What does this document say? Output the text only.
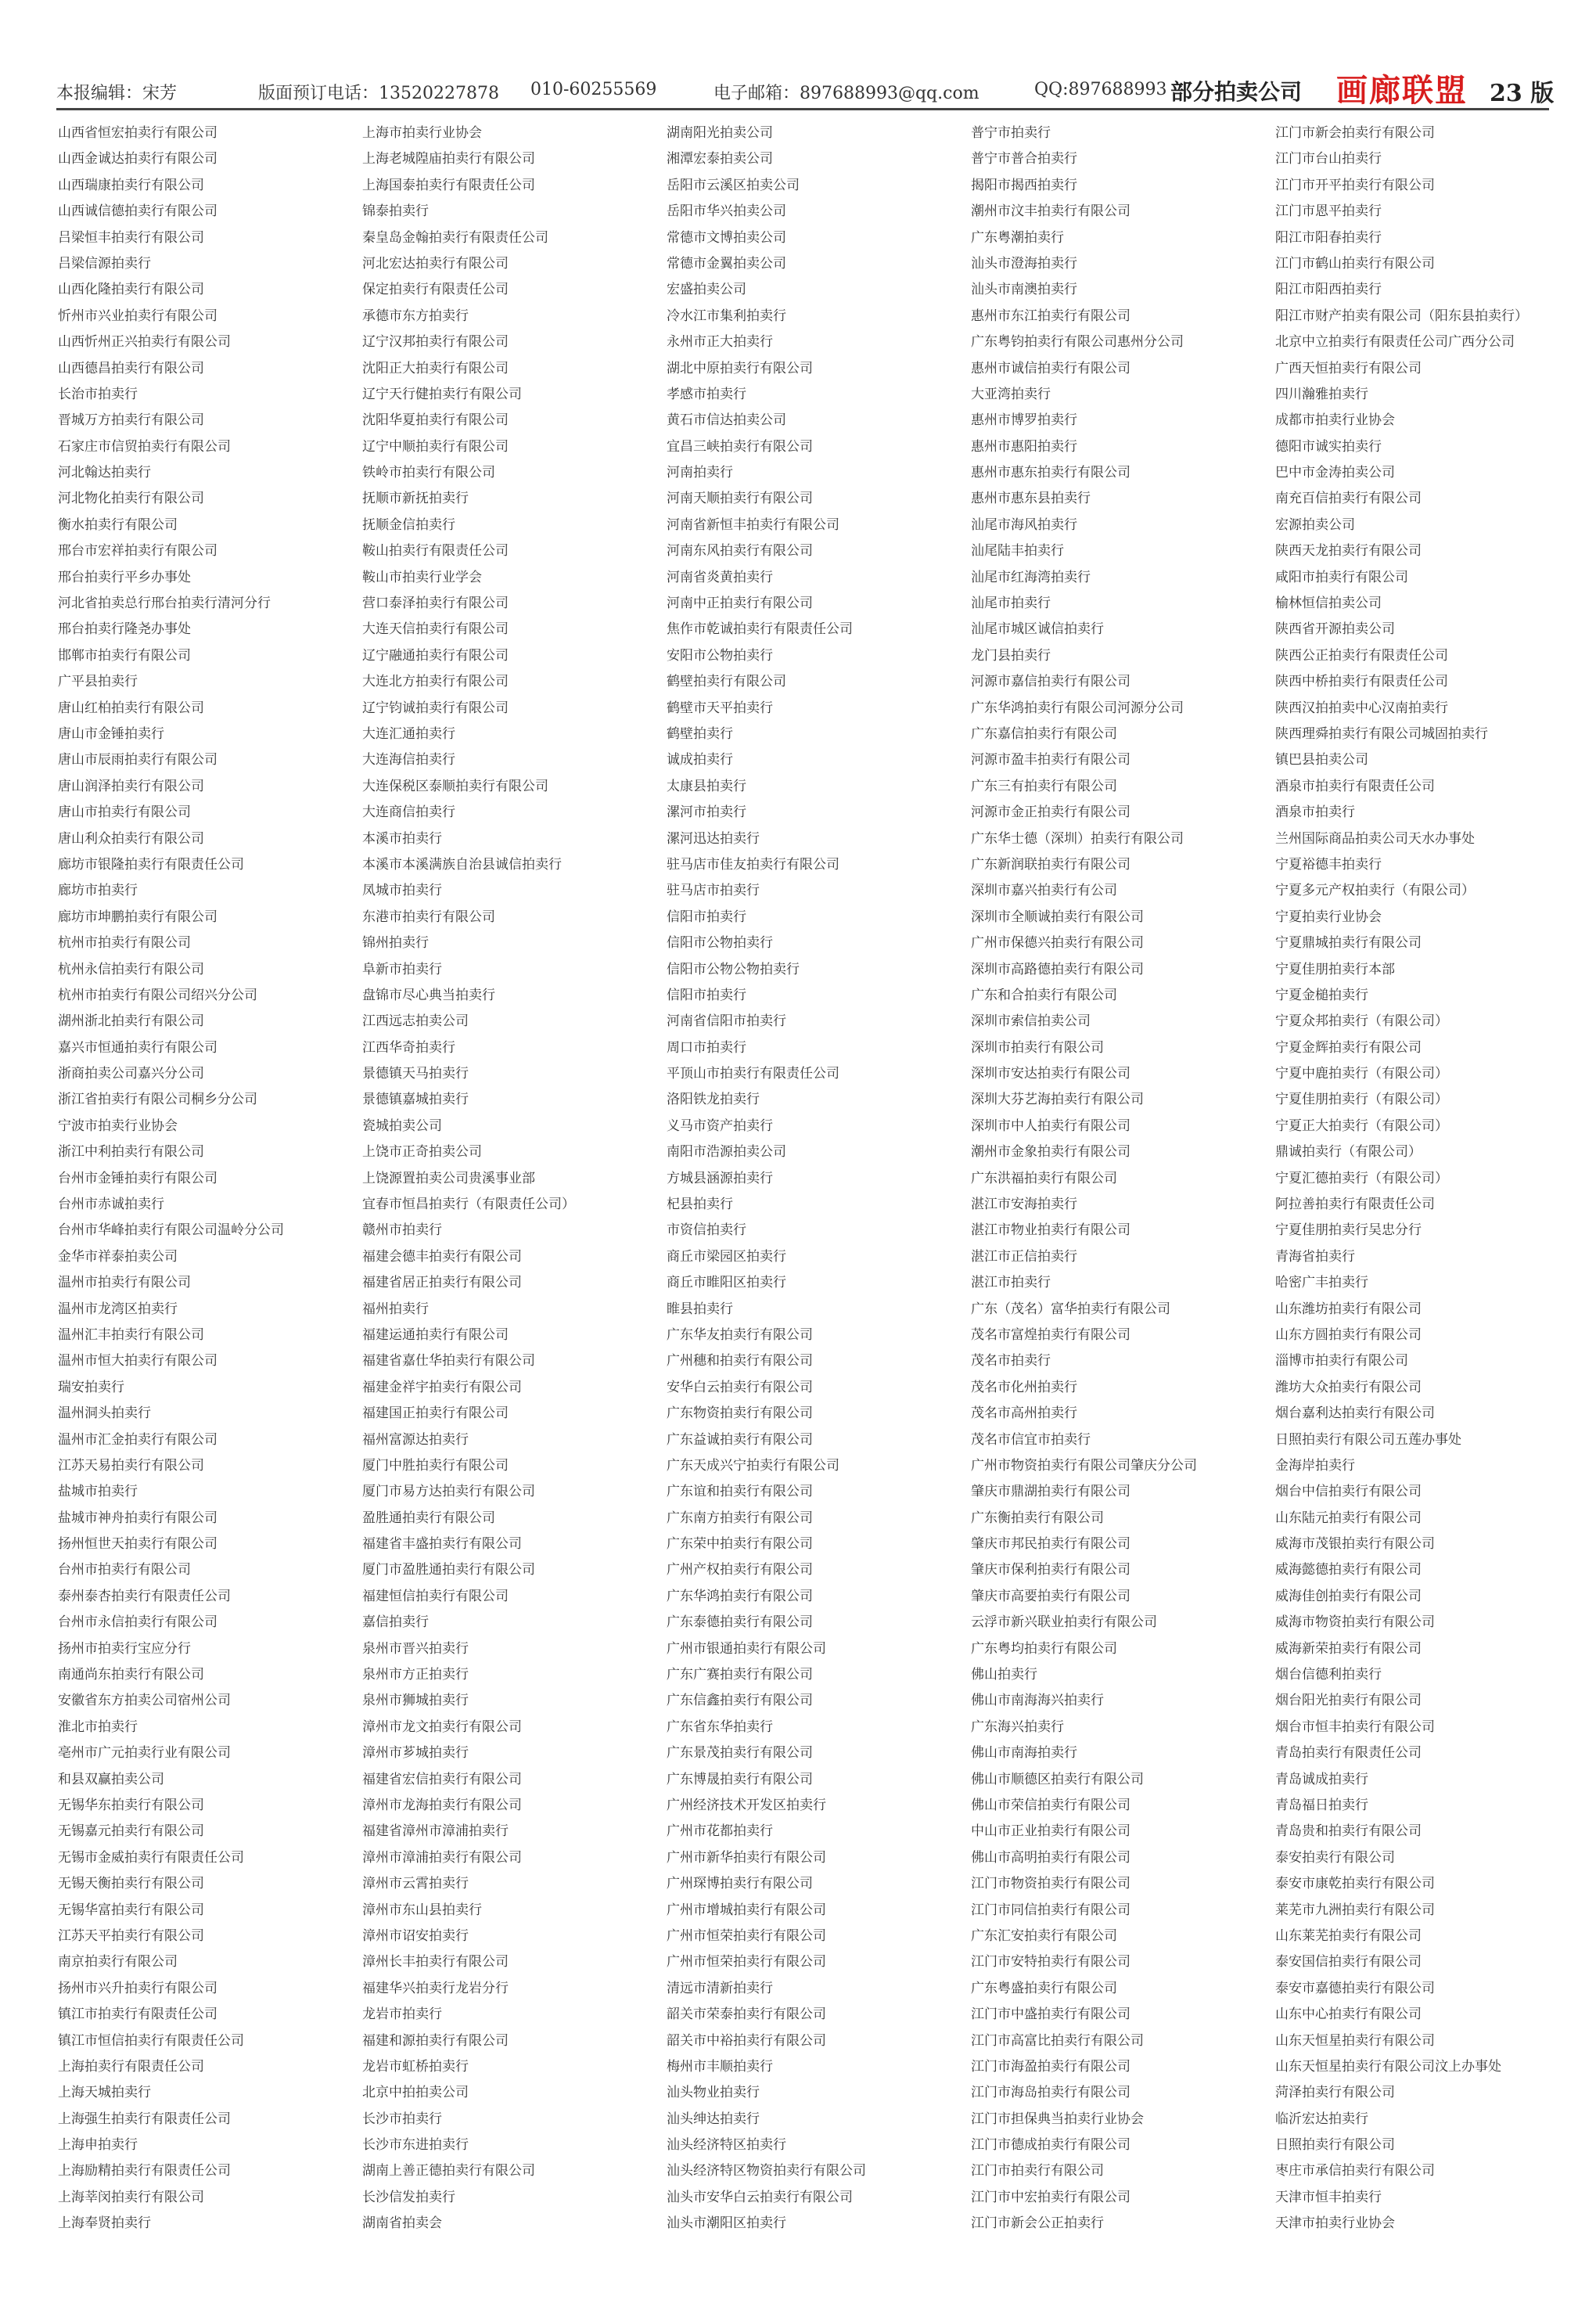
本报编辑：宋芳	版面预订电话：13520227878 010-60255569	电子邮箱：897688993@qq.com	QQ:897688993 部分拍卖公司 画廊联盟 23 版
山西省恒宏拍卖行有限公司
山西金诚达拍卖行有限公司
山西瑞康拍卖行有限公司
山西诚信德拍卖行有限公司
吕梁恒丰拍卖行有限公司
吕梁信源拍卖行
山西化隆拍卖行有限公司
忻州市兴业拍卖行有限公司
山西忻州正兴拍卖行有限公司
山西德昌拍卖行有限公司
长治市拍卖行
晋城万方拍卖行有限公司
石家庄市信贸拍卖行有限公司
河北翰达拍卖行
河北物化拍卖行有限公司
衡水拍卖行有限公司
邢台市宏祥拍卖行有限公司
邢台拍卖行平乡办事处
河北省拍卖总行邢台拍卖行清河分行
邢台拍卖行隆尧办事处
邯郸市拍卖行有限公司
广平县拍卖行
唐山红柏拍卖行有限公司
唐山市金锤拍卖行
唐山市辰雨拍卖行有限公司
唐山润泽拍卖行有限公司
唐山市拍卖行有限公司
唐山利众拍卖行有限公司
廊坊市银隆拍卖行有限责任公司
廊坊市拍卖行
廊坊市坤鹏拍卖行有限公司
杭州市拍卖行有限公司
杭州永信拍卖行有限公司
杭州市拍卖行有限公司绍兴分公司
湖州浙北拍卖行有限公司
嘉兴市恒通拍卖行有限公司
浙商拍卖公司嘉兴分公司
浙江省拍卖行有限公司桐乡分公司
宁波市拍卖行业协会
浙江中利拍卖行有限公司
台州市金锤拍卖行有限公司
台州市赤诚拍卖行
台州市华峰拍卖行有限公司温岭分公司
金华市祥泰拍卖公司
温州市拍卖行有限公司
温州市龙湾区拍卖行
温州汇丰拍卖行有限公司
温州市恒大拍卖行有限公司
瑞安拍卖行
温州洞头拍卖行
温州市汇金拍卖行有限公司
江苏天易拍卖行有限公司
盐城市拍卖行
盐城市神舟拍卖行有限公司
扬州恒世天拍卖行有限公司
台州市拍卖行有限公司
泰州泰杏拍卖行有限责任公司
台州市永信拍卖行有限公司
扬州市拍卖行宝应分行
南通尚东拍卖行有限公司
安徽省东方拍卖公司宿州公司
淮北市拍卖行
亳州市广元拍卖行业有限公司
和县双赢拍卖公司
无锡华东拍卖行有限公司
无锡嘉元拍卖行有限公司
无锡市金威拍卖行有限责任公司
无锡天衡拍卖行有限公司
无锡华富拍卖行有限公司
江苏天平拍卖行有限公司
南京拍卖行有限公司
扬州市兴升拍卖行有限公司
镇江市拍卖行有限责任公司
镇江市恒信拍卖行有限责任公司
上海拍卖行有限责任公司
上海天城拍卖行
上海强生拍卖行有限责任公司
上海申拍卖行
上海励精拍卖行有限责任公司
上海莘闵拍卖行有限公司
上海奉贤拍卖行
上海市拍卖行业协会
上海老城隍庙拍卖行有限公司
上海国泰拍卖行有限责任公司
锦泰拍卖行
秦皇岛金翰拍卖行有限责任公司
河北宏达拍卖行有限公司
保定拍卖行有限责任公司
承德市东方拍卖行
辽宁汉邦拍卖行有限公司
沈阳正大拍卖行有限公司
辽宁天行健拍卖行有限公司
沈阳华夏拍卖行有限公司
辽宁中顺拍卖行有限公司
铁岭市拍卖行有限公司
抚顺市新抚拍卖行
抚顺金信拍卖行
鞍山拍卖行有限责任公司
鞍山市拍卖行业学会
营口泰泽拍卖行有限公司
大连天信拍卖行有限公司
辽宁融通拍卖行有限公司
大连北方拍卖行有限公司
辽宁钧诚拍卖行有限公司
大连汇通拍卖行
大连海信拍卖行
大连保税区泰顺拍卖行有限公司
大连商信拍卖行
本溪市拍卖行
本溪市本溪满族自治县诚信拍卖行
凤城市拍卖行
东港市拍卖行有限公司
锦州拍卖行
阜新市拍卖行
盘锦市尽心典当拍卖行
江西远志拍卖公司
江西华奇拍卖行
景德镇天马拍卖行
景德镇嘉城拍卖行
瓷城拍卖公司
上饶市正奇拍卖公司
上饶源置拍卖公司贵溪事业部
宜春市恒昌拍卖行（有限责任公司）
赣州市拍卖行
福建会德丰拍卖行有限公司
福建省居正拍卖行有限公司
福州拍卖行
福建运通拍卖行有限公司
福建省嘉仕华拍卖行有限公司
福建金祥宇拍卖行有限公司
福建国正拍卖行有限公司
福州富源达拍卖行
厦门中胜拍卖行有限公司
厦门市易方达拍卖行有限公司
盈胜通拍卖行有限公司
福建省丰盛拍卖行有限公司
厦门市盈胜通拍卖行有限公司
福建恒信拍卖行有限公司
嘉信拍卖行
泉州市晋兴拍卖行
泉州市方正拍卖行
泉州市狮城拍卖行
漳州市龙文拍卖行有限公司
漳州市芗城拍卖行
福建省宏信拍卖行有限公司
漳州市龙海拍卖行有限公司
福建省漳州市漳浦拍卖行
漳州市漳浦拍卖行有限公司
漳州市云霄拍卖行
漳州市东山县拍卖行
漳州市诏安拍卖行
漳州长丰拍卖行有限公司
福建华兴拍卖行龙岩分行
龙岩市拍卖行
福建和源拍卖行有限公司
龙岩市虹桥拍卖行
北京中拍拍卖公司
长沙市拍卖行
长沙市东进拍卖行
湖南上善正德拍卖行有限公司
长沙信发拍卖行
湖南省拍卖会
湖南阳光拍卖公司
湘潭宏泰拍卖公司
岳阳市云溪区拍卖公司
岳阳市华兴拍卖公司
常德市文博拍卖公司
常德市金翼拍卖公司
宏盛拍卖公司
冷水江市集利拍卖行
永州市正大拍卖行
湖北中原拍卖行有限公司
孝感市拍卖行
黄石市信达拍卖公司
宜昌三峡拍卖行有限公司
河南拍卖行
河南天顺拍卖行有限公司
河南省新恒丰拍卖行有限公司
河南东风拍卖行有限公司
河南省炎黄拍卖行
河南中正拍卖行有限公司
焦作市乾诚拍卖行有限责任公司
安阳市公物拍卖行
鹤壁拍卖行有限公司
鹤壁市天平拍卖行
鹤壁拍卖行
诚成拍卖行
太康县拍卖行
漯河市拍卖行
漯河迅达拍卖行
驻马店市佳友拍卖行有限公司
驻马店市拍卖行
信阳市拍卖行
信阳市公物拍卖行
信阳市公物公物拍卖行
信阳市拍卖行
河南省信阳市拍卖行
周口市拍卖行
平顶山市拍卖行有限责任公司
洛阳铁龙拍卖行
义马市资产拍卖行
南阳市浩源拍卖公司
方城县涵源拍卖行
杞县拍卖行
市资信拍卖行
商丘市梁园区拍卖行
商丘市睢阳区拍卖行
睢县拍卖行
广东华友拍卖行有限公司
广州穗和拍卖行有限公司
安华白云拍卖行有限公司
广东物资拍卖行有限公司
广东益诚拍卖行有限公司
广东天成兴宁拍卖行有限公司
广东谊和拍卖行有限公司
广东南方拍卖行有限公司
广东荣中拍卖行有限公司
广州产权拍卖行有限公司
广东华鸿拍卖行有限公司
广东泰德拍卖行有限公司
广州市银通拍卖行有限公司
广东广赛拍卖行有限公司
广东信鑫拍卖行有限公司
广东省东华拍卖行
广东景茂拍卖行有限公司
广东博晟拍卖行有限公司
广州经济技术开发区拍卖行
广州市花都拍卖行
广州市新华拍卖行有限公司
广州琛博拍卖行有限公司
广州市增城拍卖行有限公司
广州市恒荣拍卖行有限公司
广州市恒荣拍卖行有限公司
清远市清新拍卖行
韶关市荣泰拍卖行有限公司
韶关市中裕拍卖行有限公司
梅州市丰顺拍卖行
汕头物业拍卖行
汕头绅达拍卖行
汕头经济特区拍卖行
汕头经济特区物资拍卖行有限公司
汕头市安华白云拍卖行有限公司
汕头市潮阳区拍卖行
普宁市拍卖行
普宁市普合拍卖行
揭阳市揭西拍卖行
潮州市汶丰拍卖行有限公司
广东粤潮拍卖行
汕头市澄海拍卖行
汕头市南澳拍卖行
惠州市东江拍卖行有限公司
广东粤钧拍卖行有限公司惠州分公司
惠州市诚信拍卖行有限公司
大亚湾拍卖行
惠州市博罗拍卖行
惠州市惠阳拍卖行
惠州市惠东拍卖行有限公司
惠州市惠东县拍卖行
汕尾市海风拍卖行
汕尾陆丰拍卖行
汕尾市红海湾拍卖行
汕尾市拍卖行
汕尾市城区诚信拍卖行
龙门县拍卖行
河源市嘉信拍卖行有限公司
广东华鸿拍卖行有限公司河源分公司
广东嘉信拍卖行有限公司
河源市盈丰拍卖行有限公司
广东三有拍卖行有限公司
河源市金正拍卖行有限公司
广东华士德（深圳）拍卖行有限公司
广东新润联拍卖行有限公司
深圳市嘉兴拍卖行有公司
深圳市全顺诚拍卖行有限公司
广州市保德兴拍卖行有限公司
深圳市高路德拍卖行有限公司
广东和合拍卖行有限公司
深圳市索信拍卖公司
深圳市拍卖行有限公司
深圳市安达拍卖行有限公司
深圳大芬艺海拍卖行有限公司
深圳市中人拍卖行有限公司
潮州市金象拍卖行有限公司
广东洪福拍卖行有限公司
湛江市安海拍卖行
湛江市物业拍卖行有限公司
湛江市正信拍卖行
湛江市拍卖行
广东（茂名）富华拍卖行有限公司
茂名市富煌拍卖行有限公司
茂名市拍卖行
茂名市化州拍卖行
茂名市高州拍卖行
茂名市信宜市拍卖行
广州市物资拍卖行有限公司肇庆分公司
肇庆市鼎湖拍卖行有限公司
广东衡拍卖行有限公司
肇庆市邦民拍卖行有限公司
肇庆市保利拍卖行有限公司
肇庆市高要拍卖行有限公司
云浮市新兴联业拍卖行有限公司
广东粤均拍卖行有限公司
佛山拍卖行
佛山市南海海兴拍卖行
广东海兴拍卖行
佛山市南海拍卖行
佛山市顺德区拍卖行有限公司
佛山市荣信拍卖行有限公司
中山市正业拍卖行有限公司
佛山市高明拍卖行有限公司
江门市物资拍卖行有限公司
江门市同信拍卖行有限公司
广东汇安拍卖行有限公司
江门市安特拍卖行有限公司
广东粤盛拍卖行有限公司
江门市中盛拍卖行有限公司
江门市高富比拍卖行有限公司
江门市海盈拍卖行有限公司
江门市海岛拍卖行有限公司
江门市担保典当拍卖行业协会
江门市德成拍卖行有限公司
江门市拍卖行有限公司
江门市中宏拍卖行有限公司
江门市新会公正拍卖行
江门市新会拍卖行有限公司
江门市台山拍卖行
江门市开平拍卖行有限公司
江门市恩平拍卖行
阳江市阳春拍卖行
江门市鹤山拍卖行有限公司
阳江市阳西拍卖行
阳江市财产拍卖有限公司（阳东县拍卖行）
北京中立拍卖行有限责任公司广西分公司
广西天恒拍卖行有限公司
四川瀚雅拍卖行
成都市拍卖行业协会
德阳市诚实拍卖行
巴中市金涛拍卖公司
南充百信拍卖行有限公司
宏源拍卖公司
陕西天龙拍卖行有限公司
咸阳市拍卖行有限公司
榆林恒信拍卖公司
陕西省开源拍卖公司
陕西公正拍卖行有限责任公司
陕西中桥拍卖行有限责任公司
陕西汉拍拍卖中心汉南拍卖行
陕西理舜拍卖行有限公司城固拍卖行
镇巴县拍卖公司
酒泉市拍卖行有限责任公司
酒泉市拍卖行
兰州国际商品拍卖公司天水办事处
宁夏裕德丰拍卖行
宁夏多元产权拍卖行（有限公司）
宁夏拍卖行业协会
宁夏鼎城拍卖行有限公司
宁夏佳朋拍卖行本部
宁夏金槌拍卖行
宁夏众邦拍卖行（有限公司）
宁夏金辉拍卖行有限公司
宁夏中鹿拍卖行（有限公司）
宁夏佳朋拍卖行（有限公司）
宁夏正大拍卖行（有限公司）
鼎诚拍卖行（有限公司）
宁夏汇德拍卖行（有限公司）
阿拉善拍卖行有限责任公司
宁夏佳朋拍卖行吴忠分行
青海省拍卖行
哈密广丰拍卖行
山东潍坊拍卖行有限公司
山东方圆拍卖行有限公司
淄博市拍卖行有限公司
潍坊大众拍卖行有限公司
烟台嘉利达拍卖行有限公司
日照拍卖行有限公司五莲办事处
金海岸拍卖行
烟台中信拍卖行有限公司
山东陆元拍卖行有限公司
威海市茂银拍卖行有限公司
威海懿德拍卖行有限公司
威海佳创拍卖行有限公司
威海市物资拍卖行有限公司
威海新荣拍卖行有限公司
烟台信德利拍卖行
烟台阳光拍卖行有限公司
烟台市恒丰拍卖行有限公司
青岛拍卖行有限责任公司
青岛诚成拍卖行
青岛福日拍卖行
青岛贵和拍卖行有限公司
泰安拍卖行有限公司
泰安市康乾拍卖行有限公司
莱芜市九洲拍卖行有限公司
山东莱芜拍卖行有限公司
泰安国信拍卖行有限公司
泰安市嘉德拍卖行有限公司
山东中心拍卖行有限公司
山东天恒星拍卖行有限公司
山东天恒星拍卖行有限公司汶上办事处
菏泽拍卖行有限公司
临沂宏达拍卖行
日照拍卖行有限公司
枣庄市承信拍卖行有限公司
天津市恒丰拍卖行
天津市拍卖行业协会
